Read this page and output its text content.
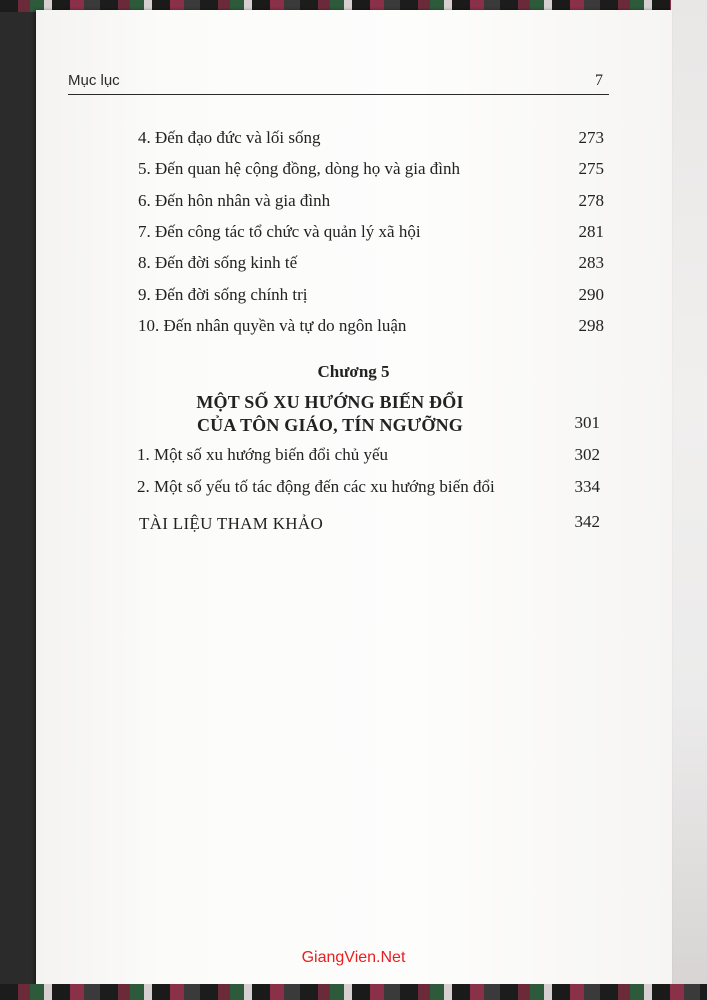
Mục lục	7
4. Đến đạo đức và lối sống	273
5. Đến quan hệ cộng đồng, dòng họ và gia đình	275
6. Đến hôn nhân và gia đình	278
7. Đến công tác tổ chức và quản lý xã hội	281
8. Đến đời sống kinh tế	283
9. Đến đời sống chính trị	290
10. Đến nhân quyền và tự do ngôn luận	298
Chương 5
MỘT SỐ XU HƯỚNG BIẾN ĐỔI
CỦA TÔN GIÁO, TÍN NGƯỠNG	301
1. Một số xu hướng biến đổi chủ yếu	302
2. Một số yếu tố tác động đến các xu hướng biến đổi	334
TÀI LIỆU THAM KHẢO	342
GiangVien.Net
